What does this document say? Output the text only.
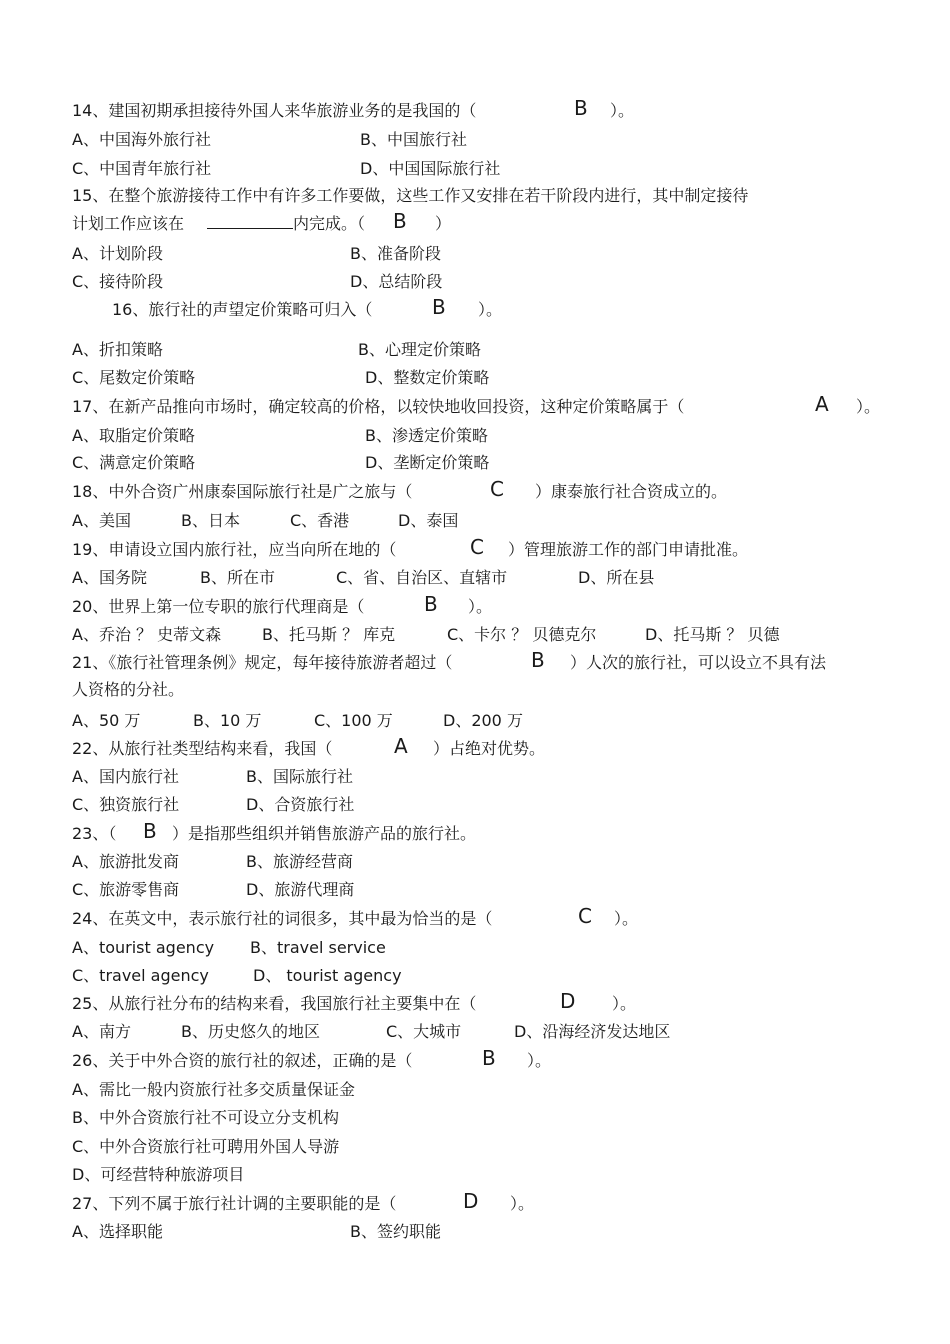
14、建国初期承担接待外国人来华旅游业务的是我国的（	B ）。
A、中国海外旅行社	B、中国旅行社
C、中国青年旅行社	D、中国国际旅行社
15、在整个旅游接待工作中有许多工作要做，这些工作又安排在若干阶段内进行，其中制定接待
计划工作应该在	内完成。（ B ）
A、计划阶段	B、准备阶段
C、接待阶段	D、总结阶段
16、旅行社的声望定价策略可归入（	B ）。
A、折扣策略	B、心理定价策略
C、尾数定价策略	D、整数定价策略
17、在新产品推向市场时，确定较高的价格，以较快地收回投资，这种定价策略属于（	A ）。
A、取脂定价策略	B、渗透定价策略
C、满意定价策略	D、垄断定价策略
18、中外合资广州康泰国际旅行社是广之旅与（	C ）康泰旅行社合资成立的。
A、美国	B、日本	C、香港	D、泰国
19、申请设立国内旅行社，应当向所在地的（	C ）管理旅游工作的部门申请批准。
A、国务院	B、所在市	C、省、自治区、直辖市	D、所在县
20、世界上第一位专职的旅行代理商是（	B ）。
A、乔治 ？ 史蒂文森	B、托马斯 ？ 库克	C、卡尔 ？ 贝德克尔	D、托马斯 ？ 贝德
21、《旅行社管理条例》规定，每年接待旅游者超过（	B ）人次的旅行社，可以设立不具有法
人资格的分社。
A、50 万	B、10 万	C、100 万	D、200 万
22、从旅行社类型结构来看，我国（	A ）占绝对优势。
A、国内旅行社	B、国际旅行社
C、独资旅行社	D、合资旅行社
23、（ B ）是指那些组织并销售旅游产品的旅行社。
A、旅游批发商	B、旅游经营商
C、旅游零售商	D、旅游代理商
24、在英文中，表示旅行社的词很多，其中最为恰当的是（	C ）。
A、tourist agency B、travel service
C、travel agency	D、 tourist agency
25、从旅行社分布的结构来看，我国旅行社主要集中在（	D ）。
A、南方	B、历史悠久的地区	C、大城市	D、沿海经济发达地区
26、关于中外合资的旅行社的叙述，正确的是（	B ）。
A、需比一般内资旅行社多交质量保证金
B、中外合资旅行社不可设立分支机构
C、中外合资旅行社可聘用外国人导游
D、可经营特种旅游项目
27、下列不属于旅行社计调的主要职能的是（	D ）。
A、选择职能	B、签约职能
